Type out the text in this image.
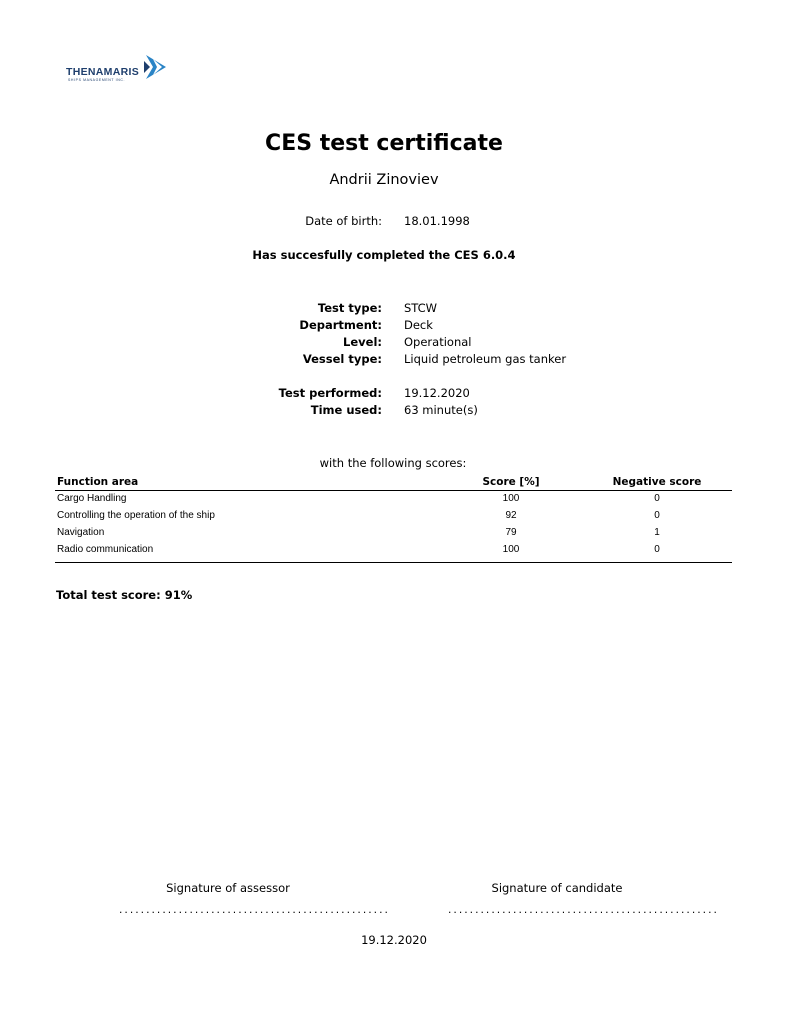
THENAMARIS
SHIPS MANAGEMENT INC.
CES test certificate
Andrii Zinoviev
Date of birth: 18.01.1998
Has succesfully completed the CES 6.0.4
Test type: STCW
Department: Deck
Level: Operational
Vessel type: Liquid petroleum gas tanker
Test performed: 19.12.2020
Time used: 63 minute(s)
with the following scores:
Function area	Score [%]	Negative score
Cargo Handling	100	0
Controlling the operation of the ship	92	0
Navigation	79	1
Radio communication	100	0
Total test score: 91%
Signature of assessor	Signature of candidate
..................................................	..................................................
19.12.2020
